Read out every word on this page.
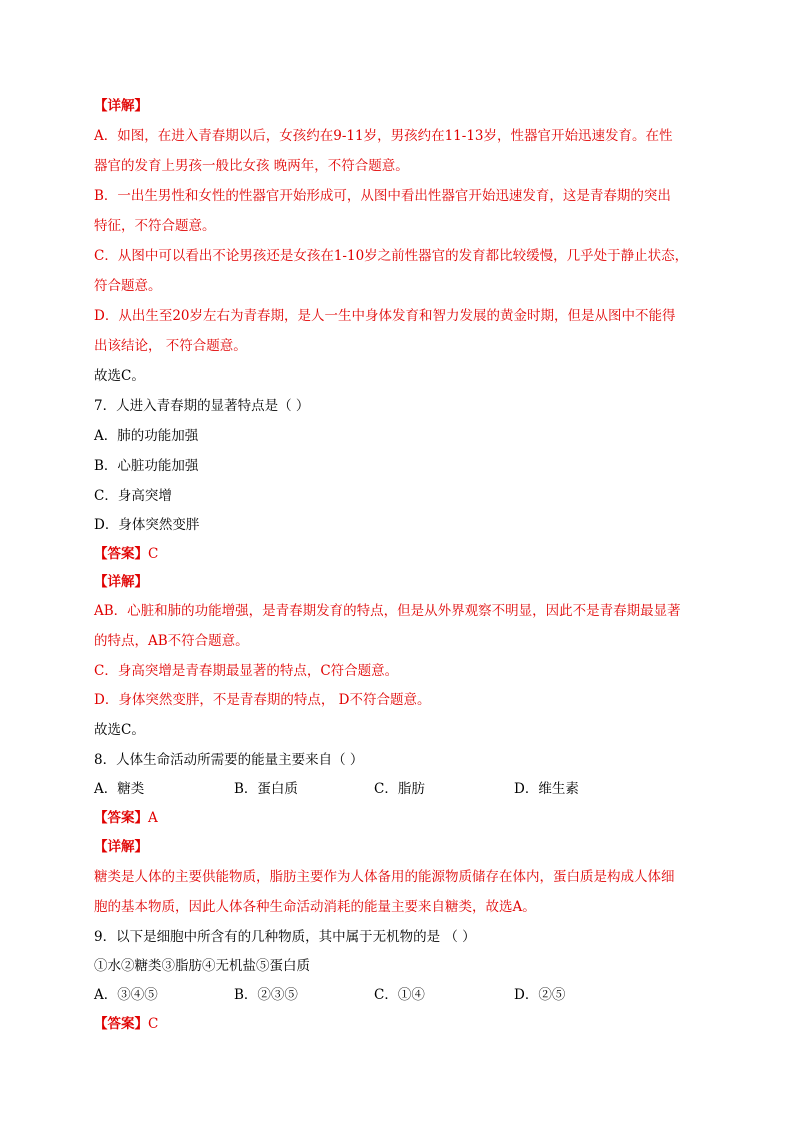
【详解】
A．如图，在进入青春期以后，女孩约在9-11岁，男孩约在11-13岁，性器官开始迅速发育。在性
器官的发育上男孩一般比女孩 晚两年，不符合题意。
B．一出生男性和女性的性器官开始形成可，从图中看出性器官开始迅速发育，这是青春期的突出
特征，不符合题意。
C．从图中可以看出不论男孩还是女孩在1-10岁之前性器官的发育都比较缓慢，几乎处于静止状态，
符合题意。
D．从出生至20岁左右为青春期，是人一生中身体发育和智力发展的黄金时期，但是从图中不能得
出该结论， 不符合题意。
故选C。
7．人进入青春期的显著特点是（ ）
A．肺的功能加强
B．心脏功能加强
C．身高突增
D．身体突然变胖
【答案】C
【详解】
AB．心脏和肺的功能增强，是青春期发育的特点，但是从外界观察不明显，因此不是青春期最显著
的特点，AB不符合题意。
C．身高突增是青春期最显著的特点，C符合题意。
D．身体突然变胖，不是青春期的特点， D不符合题意。
故选C。
8．人体生命活动所需要的能量主要来自（ ）
A．糖类	B．蛋白质	C．脂肪	D．维生素
【答案】A
【详解】
糖类是人体的主要供能物质，脂肪主要作为人体备用的能源物质储存在体内，蛋白质是构成人体细
胞的基本物质，因此人体各种生命活动消耗的能量主要来自糖类，故选A。
9．以下是细胞中所含有的几种物质，其中属于无机物的是 （ ）
①水②糖类③脂肪④无机盐⑤蛋白质
A．③④⑤	B．②③⑤	C．①④	D．②⑤
【答案】C
